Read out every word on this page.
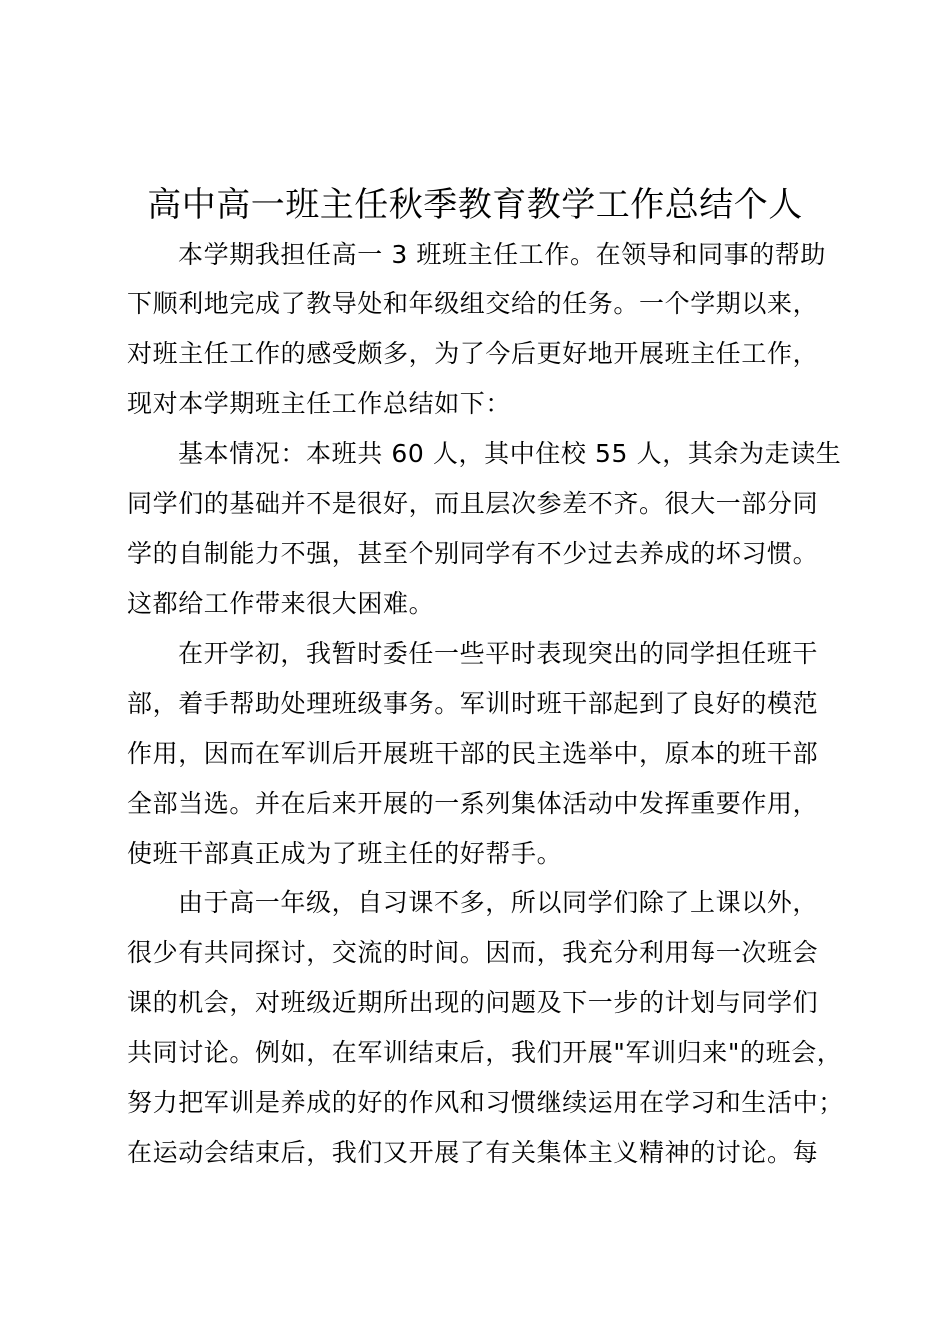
高中高一班主任秋季教育教学工作总结个人
本学期我担任高一 3 班班主任工作。在领导和同事的帮助
下顺利地完成了教导处和年级组交给的任务。一个学期以来，
对班主任工作的感受颇多，为了今后更好地开展班主任工作，
现对本学期班主任工作总结如下：
基本情况：本班共 60 人，其中住校 55 人，其余为走读生
同学们的基础并不是很好，而且层次参差不齐。很大一部分同
学的自制能力不强，甚至个别同学有不少过去养成的坏习惯。
这都给工作带来很大困难。
在开学初，我暂时委任一些平时表现突出的同学担任班干
部，着手帮助处理班级事务。军训时班干部起到了良好的模范
作用，因而在军训后开展班干部的民主选举中，原本的班干部
全部当选。并在后来开展的一系列集体活动中发挥重要作用，
使班干部真正成为了班主任的好帮手。
由于高一年级，自习课不多，所以同学们除了上课以外，
很少有共同探讨，交流的时间。因而，我充分利用每一次班会
课的机会，对班级近期所出现的问题及下一步的计划与同学们
共同讨论。例如，在军训结束后，我们开展"军训归来"的班会，
努力把军训是养成的好的作风和习惯继续运用在学习和生活中；
在运动会结束后，我们又开展了有关集体主义精神的讨论。每
